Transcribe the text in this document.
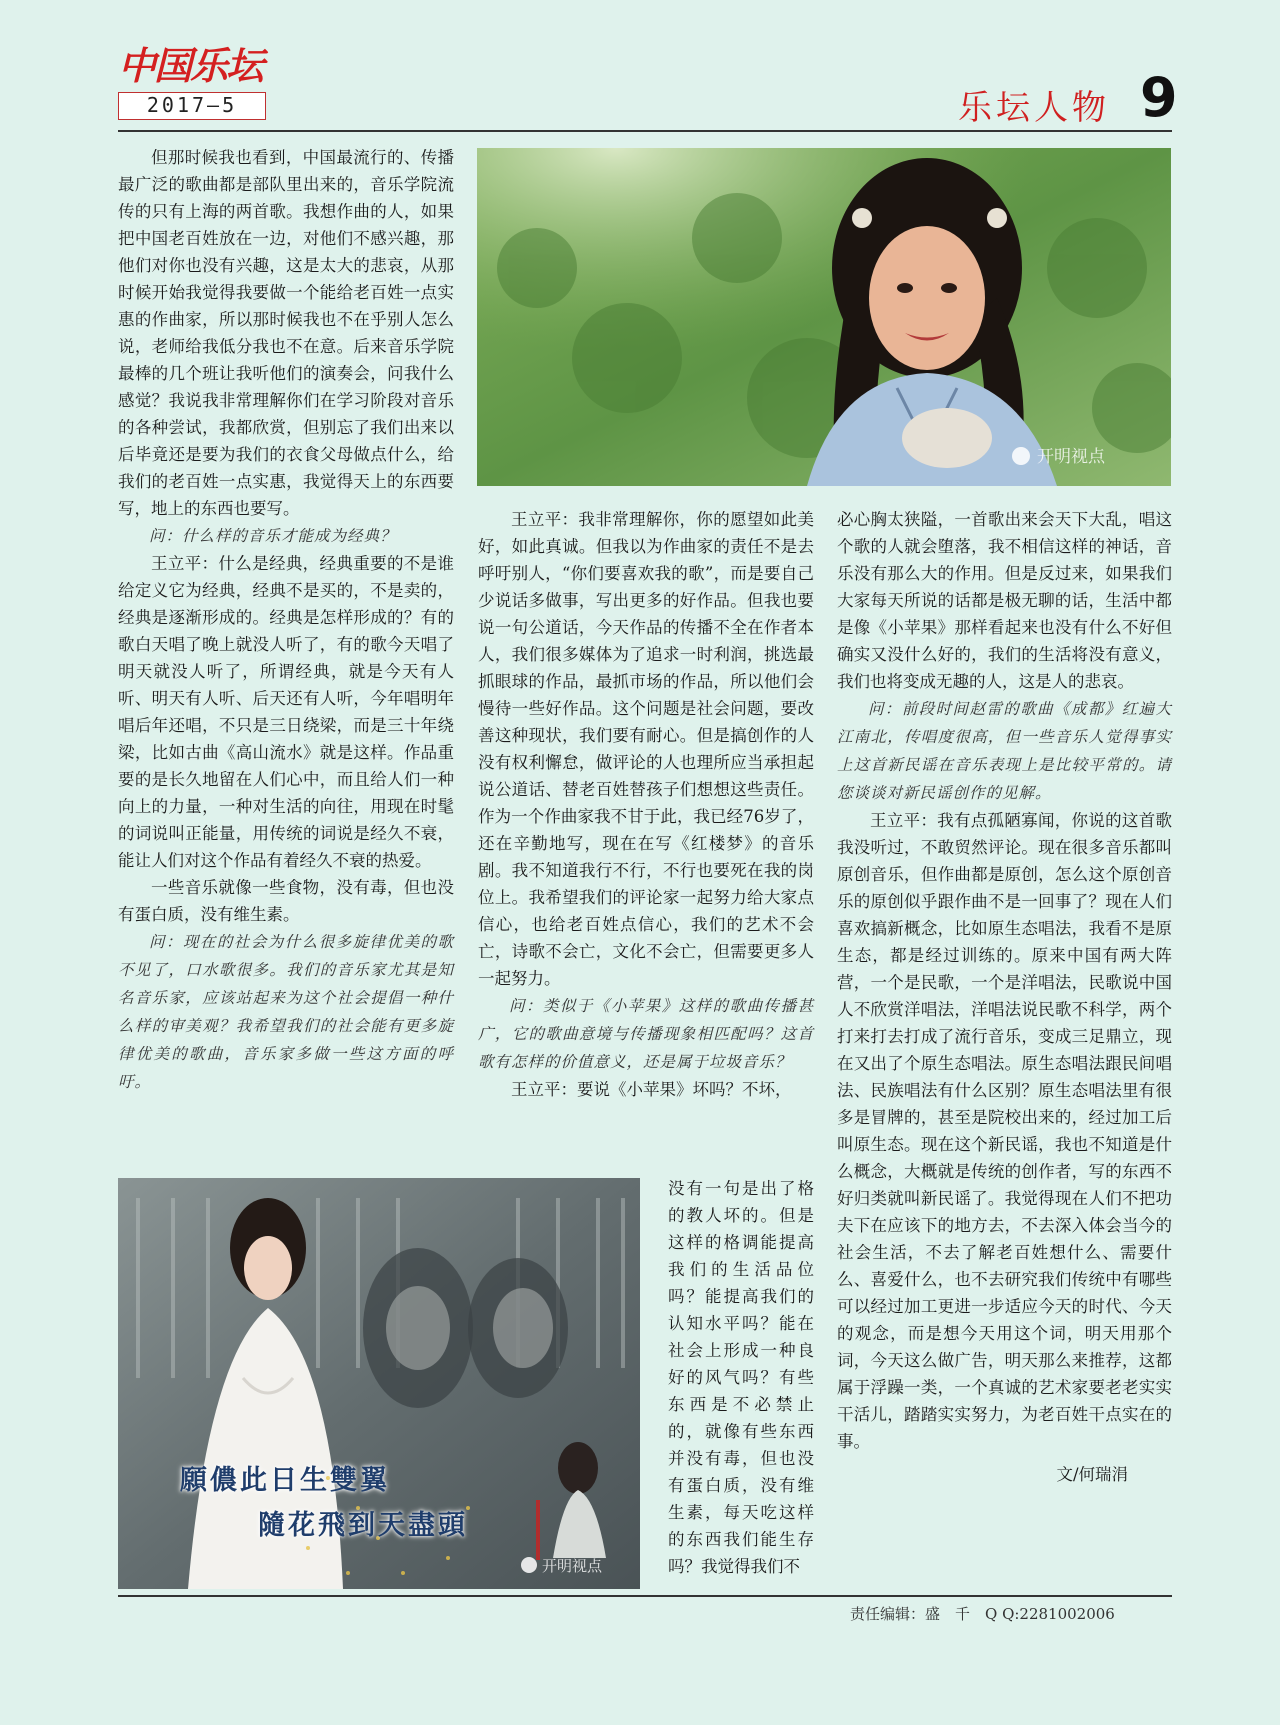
中国乐坛
2017—5	乐坛人物 9
开明视点
願儂此日生雙翼
隨花飛到天盡頭
开明视点

但那时候我也看到，中国最流行的、传播最广泛的歌曲都是部队里出来的，音乐学院流传的只有上海的两首歌。我想作曲的人，如果把中国老百姓放在一边，对他们不感兴趣，那他们对你也没有兴趣，这是太大的悲哀，从那时候开始我觉得我要做一个能给老百姓一点实惠的作曲家，所以那时候我也不在乎别人怎么说，老师给我低分我也不在意。后来音乐学院最棒的几个班让我听他们的演奏会，问我什么感觉？我说我非常理解你们在学习阶段对音乐的各种尝试，我都欣赏，但别忘了我们出来以后毕竟还是要为我们的衣食父母做点什么，给我们的老百姓一点实惠，我觉得天上的东西要写，地上的东西也要写。

问：什么样的音乐才能成为经典？

王立平：什么是经典，经典重要的不是谁给定义它为经典，经典不是买的，不是卖的，经典是逐渐形成的。经典是怎样形成的？有的歌白天唱了晚上就没人听了，有的歌今天唱了明天就没人听了，所谓经典，就是今天有人听、明天有人听、后天还有人听，今年唱明年唱后年还唱，不只是三日绕梁，而是三十年绕梁，比如古曲《高山流水》就是这样。作品重要的是长久地留在人们心中，而且给人们一种向上的力量，一种对生活的向往，用现在时髦的词说叫正能量，用传统的词说是经久不衰，能让人们对这个作品有着经久不衰的热爱。

一些音乐就像一些食物，没有毒，但也没有蛋白质，没有维生素。

问：现在的社会为什么很多旋律优美的歌不见了，口水歌很多。我们的音乐家尤其是知名音乐家，应该站起来为这个社会提倡一种什么样的审美观？我希望我们的社会能有更多旋律优美的歌曲，音乐家多做一些这方面的呼吁。

王立平：我非常理解你，你的愿望如此美好，如此真诚。但我以为作曲家的责任不是去呼吁别人，“你们要喜欢我的歌”，而是要自己少说话多做事，写出更多的好作品。但我也要说一句公道话，今天作品的传播不全在作者本人，我们很多媒体为了追求一时利润，挑选最抓眼球的作品，最抓市场的作品，所以他们会慢待一些好作品。这个问题是社会问题，要改善这种现状，我们要有耐心。但是搞创作的人没有权利懈怠，做评论的人也理所应当承担起说公道话、替老百姓替孩子们想想这些责任。作为一个作曲家我不甘于此，我已经76岁了，还在辛勤地写，现在在写《红楼梦》的音乐剧。我不知道我行不行，不行也要死在我的岗位上。我希望我们的评论家一起努力给大家点信心，也给老百姓点信心，我们的艺术不会亡，诗歌不会亡，文化不会亡，但需要更多人一起努力。

问：类似于《小苹果》这样的歌曲传播甚广，它的歌曲意境与传播现象相匹配吗？这首歌有怎样的价值意义，还是属于垃圾音乐？

王立平：要说《小苹果》坏吗？不坏，

没有一句是出了格的教人坏的。但是这样的格调能提高我们的生活品位吗？能提高我们的认知水平吗？能在社会上形成一种良好的风气吗？有些东西是不必禁止的，就像有些东西并没有毒，但也没有蛋白质，没有维生素，每天吃这样的东西我们能生存吗？我觉得我们不

必心胸太狭隘，一首歌出来会天下大乱，唱这个歌的人就会堕落，我不相信这样的神话，音乐没有那么大的作用。但是反过来，如果我们大家每天所说的话都是极无聊的话，生活中都是像《小苹果》那样看起来也没有什么不好但确实又没什么好的，我们的生活将没有意义，我们也将变成无趣的人，这是人的悲哀。

问：前段时间赵雷的歌曲《成都》红遍大江南北，传唱度很高，但一些音乐人觉得事实上这首新民谣在音乐表现上是比较平常的。请您谈谈对新民谣创作的见解。

王立平：我有点孤陋寡闻，你说的这首歌我没听过，不敢贸然评论。现在很多音乐都叫原创音乐，但作曲都是原创，怎么这个原创音乐的原创似乎跟作曲不是一回事了？现在人们喜欢搞新概念，比如原生态唱法，我看不是原生态，都是经过训练的。原来中国有两大阵营，一个是民歌，一个是洋唱法，民歌说中国人不欣赏洋唱法，洋唱法说民歌不科学，两个打来打去打成了流行音乐，变成三足鼎立，现在又出了个原生态唱法。原生态唱法跟民间唱法、民族唱法有什么区别？原生态唱法里有很多是冒牌的，甚至是院校出来的，经过加工后叫原生态。现在这个新民谣，我也不知道是什么概念，大概就是传统的创作者，写的东西不好归类就叫新民谣了。我觉得现在人们不把功夫下在应该下的地方去，不去深入体会当今的社会生活，不去了解老百姓想什么、需要什么、喜爱什么，也不去研究我们传统中有哪些可以经过加工更进一步适应今天的时代、今天的观念，而是想今天用这个词，明天用那个词，今天这么做广告，明天那么来推荐，这都属于浮躁一类，一个真诚的艺术家要老老实实干活儿，踏踏实实努力，为老百姓干点实在的事。

文/何瑞涓

责任编辑：盛　千　Q Q:2281002006
